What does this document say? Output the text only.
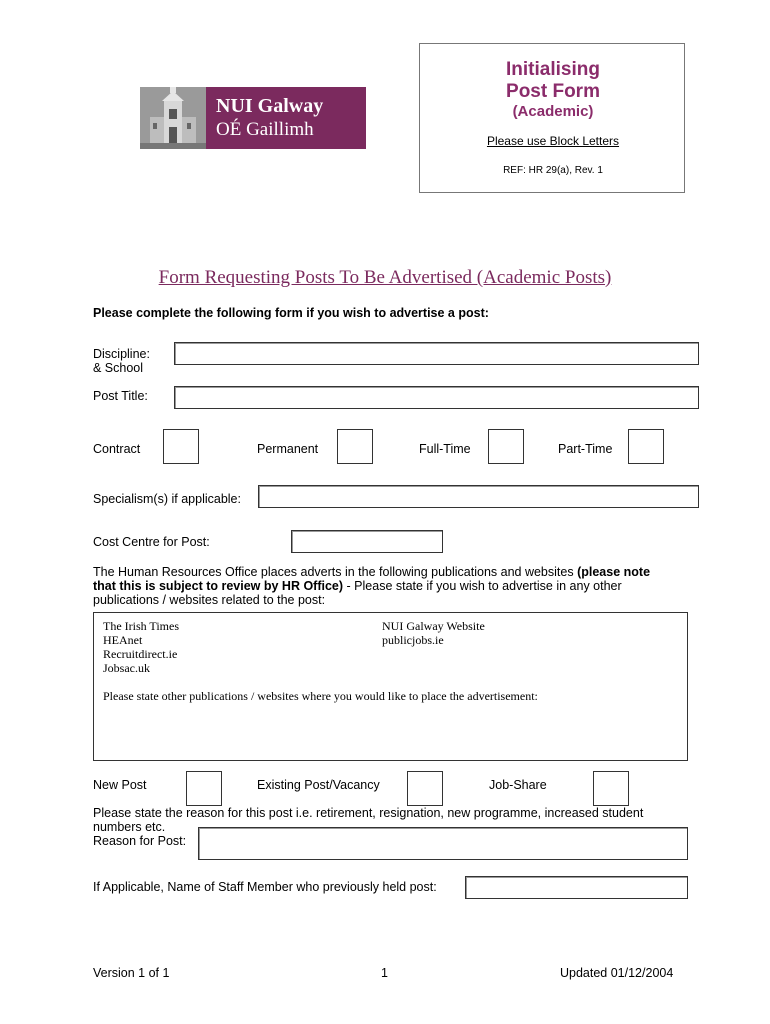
Initialising
Post Form
(Academic)
Please use Block Letters
REF: HR 29(a), Rev. 1
NUI Galway
OÉ Gaillimh
Form Requesting Posts To Be Advertised (Academic Posts)
Please complete the following form if you wish to advertise a post:
Discipline:
& School
Post Title:
Contract	Permanent	Full-Time	Part-Time
Specialism(s) if applicable:
Cost Centre for Post:
The Human Resources Office places adverts in the following publications and websites (please note
that this is subject to review by HR Office) - Please state if you wish to advertise in any other
publications / websites related to the post:
The Irish Times
HEAnet
Recruitdirect.ie
Jobsac.uk
NUI Galway Website
publicjobs.ie
Please state other publications / websites where you would like to place the advertisement:
New Post	Existing Post/Vacancy	Job-Share
Please state the reason for this post i.e. retirement, resignation, new programme, increased student
numbers etc.
Reason for Post:
If Applicable, Name of Staff Member who previously held post:
Version 1 of 1	1	Updated 01/12/2004
